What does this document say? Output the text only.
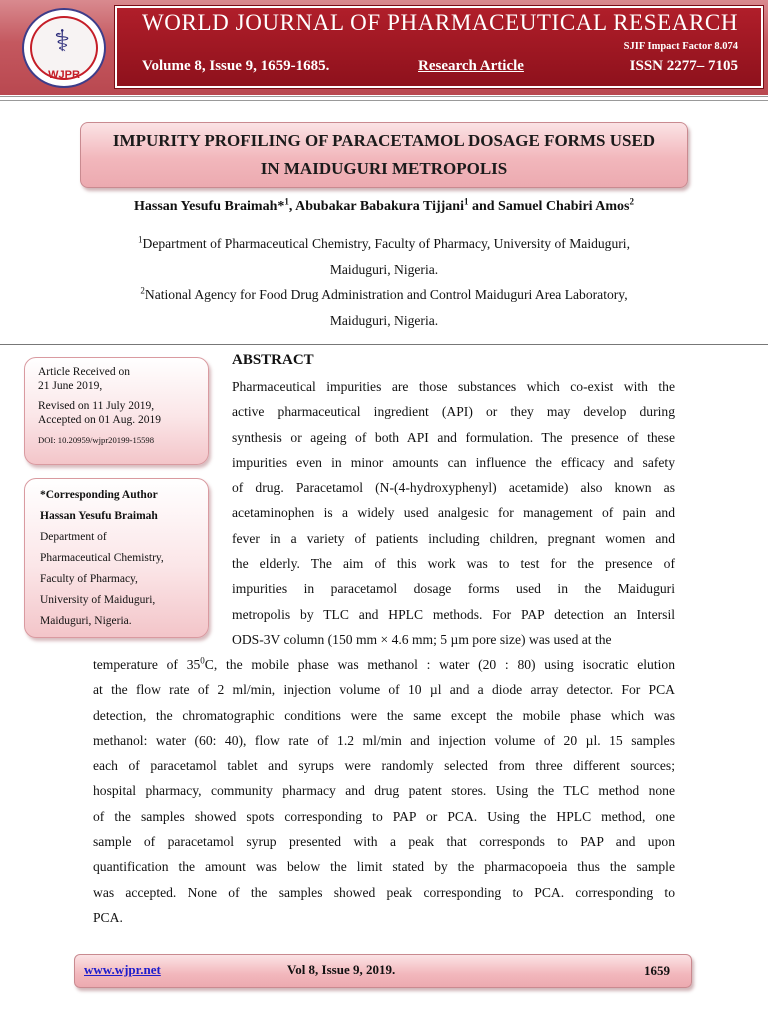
⚕
WJPR
WORLD JOURNAL OF PHARMACEUTICAL RESEARCH
SJIF Impact Factor 8.074
Volume 8, Issue 9, 1659-1685.	Research Article	ISSN 2277– 7105
IMPURITY PROFILING OF PARACETAMOL DOSAGE FORMS USED
IN MAIDUGURI METROPOLIS
Hassan Yesufu Braimah*$^1$, Abubakar Babakura Tijjani$^1$ and Samuel Chabiri Amos$^2$
$^1$Department of Pharmaceutical Chemistry, Faculty of Pharmacy, University of Maiduguri,
Maiduguri, Nigeria.
$^2$National Agency for Food Drug Administration and Control Maiduguri Area Laboratory,
Maiduguri, Nigeria.
Article Received on
21 June 2019,
Revised on 11 July 2019,
Accepted on 01 Aug. 2019
DOI: 10.20959/wjpr20199-15598
*Corresponding Author
Hassan Yesufu Braimah
Department of
Pharmaceutical Chemistry,
Faculty of Pharmacy,
University of Maiduguri,
Maiduguri, Nigeria.
ABSTRACT
Pharmaceutical impurities are those substances which co-exist with the
active pharmaceutical ingredient (API) or they may develop during
synthesis or ageing of both API and formulation. The presence of these
impurities even in minor amounts can influence the efficacy and safety
of drug. Paracetamol (N-(4-hydroxyphenyl) acetamide) also known as
acetaminophen is a widely used analgesic for management of pain and
fever in a variety of patients including children, pregnant women and
the elderly. The aim of this work was to test for the presence of
impurities in paracetamol dosage forms used in the Maiduguri
metropolis by TLC and HPLC methods. For PAP detection an Intersil
ODS-3V column (150 mm × 4.6 mm; 5 µm pore size) was used at the
temperature of $35^0C$, the mobile phase was methanol : water (20 : 80) using isocratic elution
at the flow rate of 2 ml/min, injection volume of 10 µl and a diode array detector. For PCA
detection, the chromatographic conditions were the same except the mobile phase which was
methanol: water (60: 40), flow rate of 1.2 ml/min and injection volume of 20 µl. 15 samples
each of paracetamol tablet and syrups were randomly selected from three different sources;
hospital pharmacy, community pharmacy and drug patent stores. Using the TLC method none
of the samples showed spots corresponding to PAP or PCA. Using the HPLC method, one
sample of paracetamol syrup presented with a peak that corresponds to PAP and upon
quantification the amount was below the limit stated by the pharmacopoeia thus the sample
was accepted. None of the samples showed peak corresponding to PCA. corresponding to
PCA.
www.wjpr.net	Vol 8, Issue 9, 2019.	1659
